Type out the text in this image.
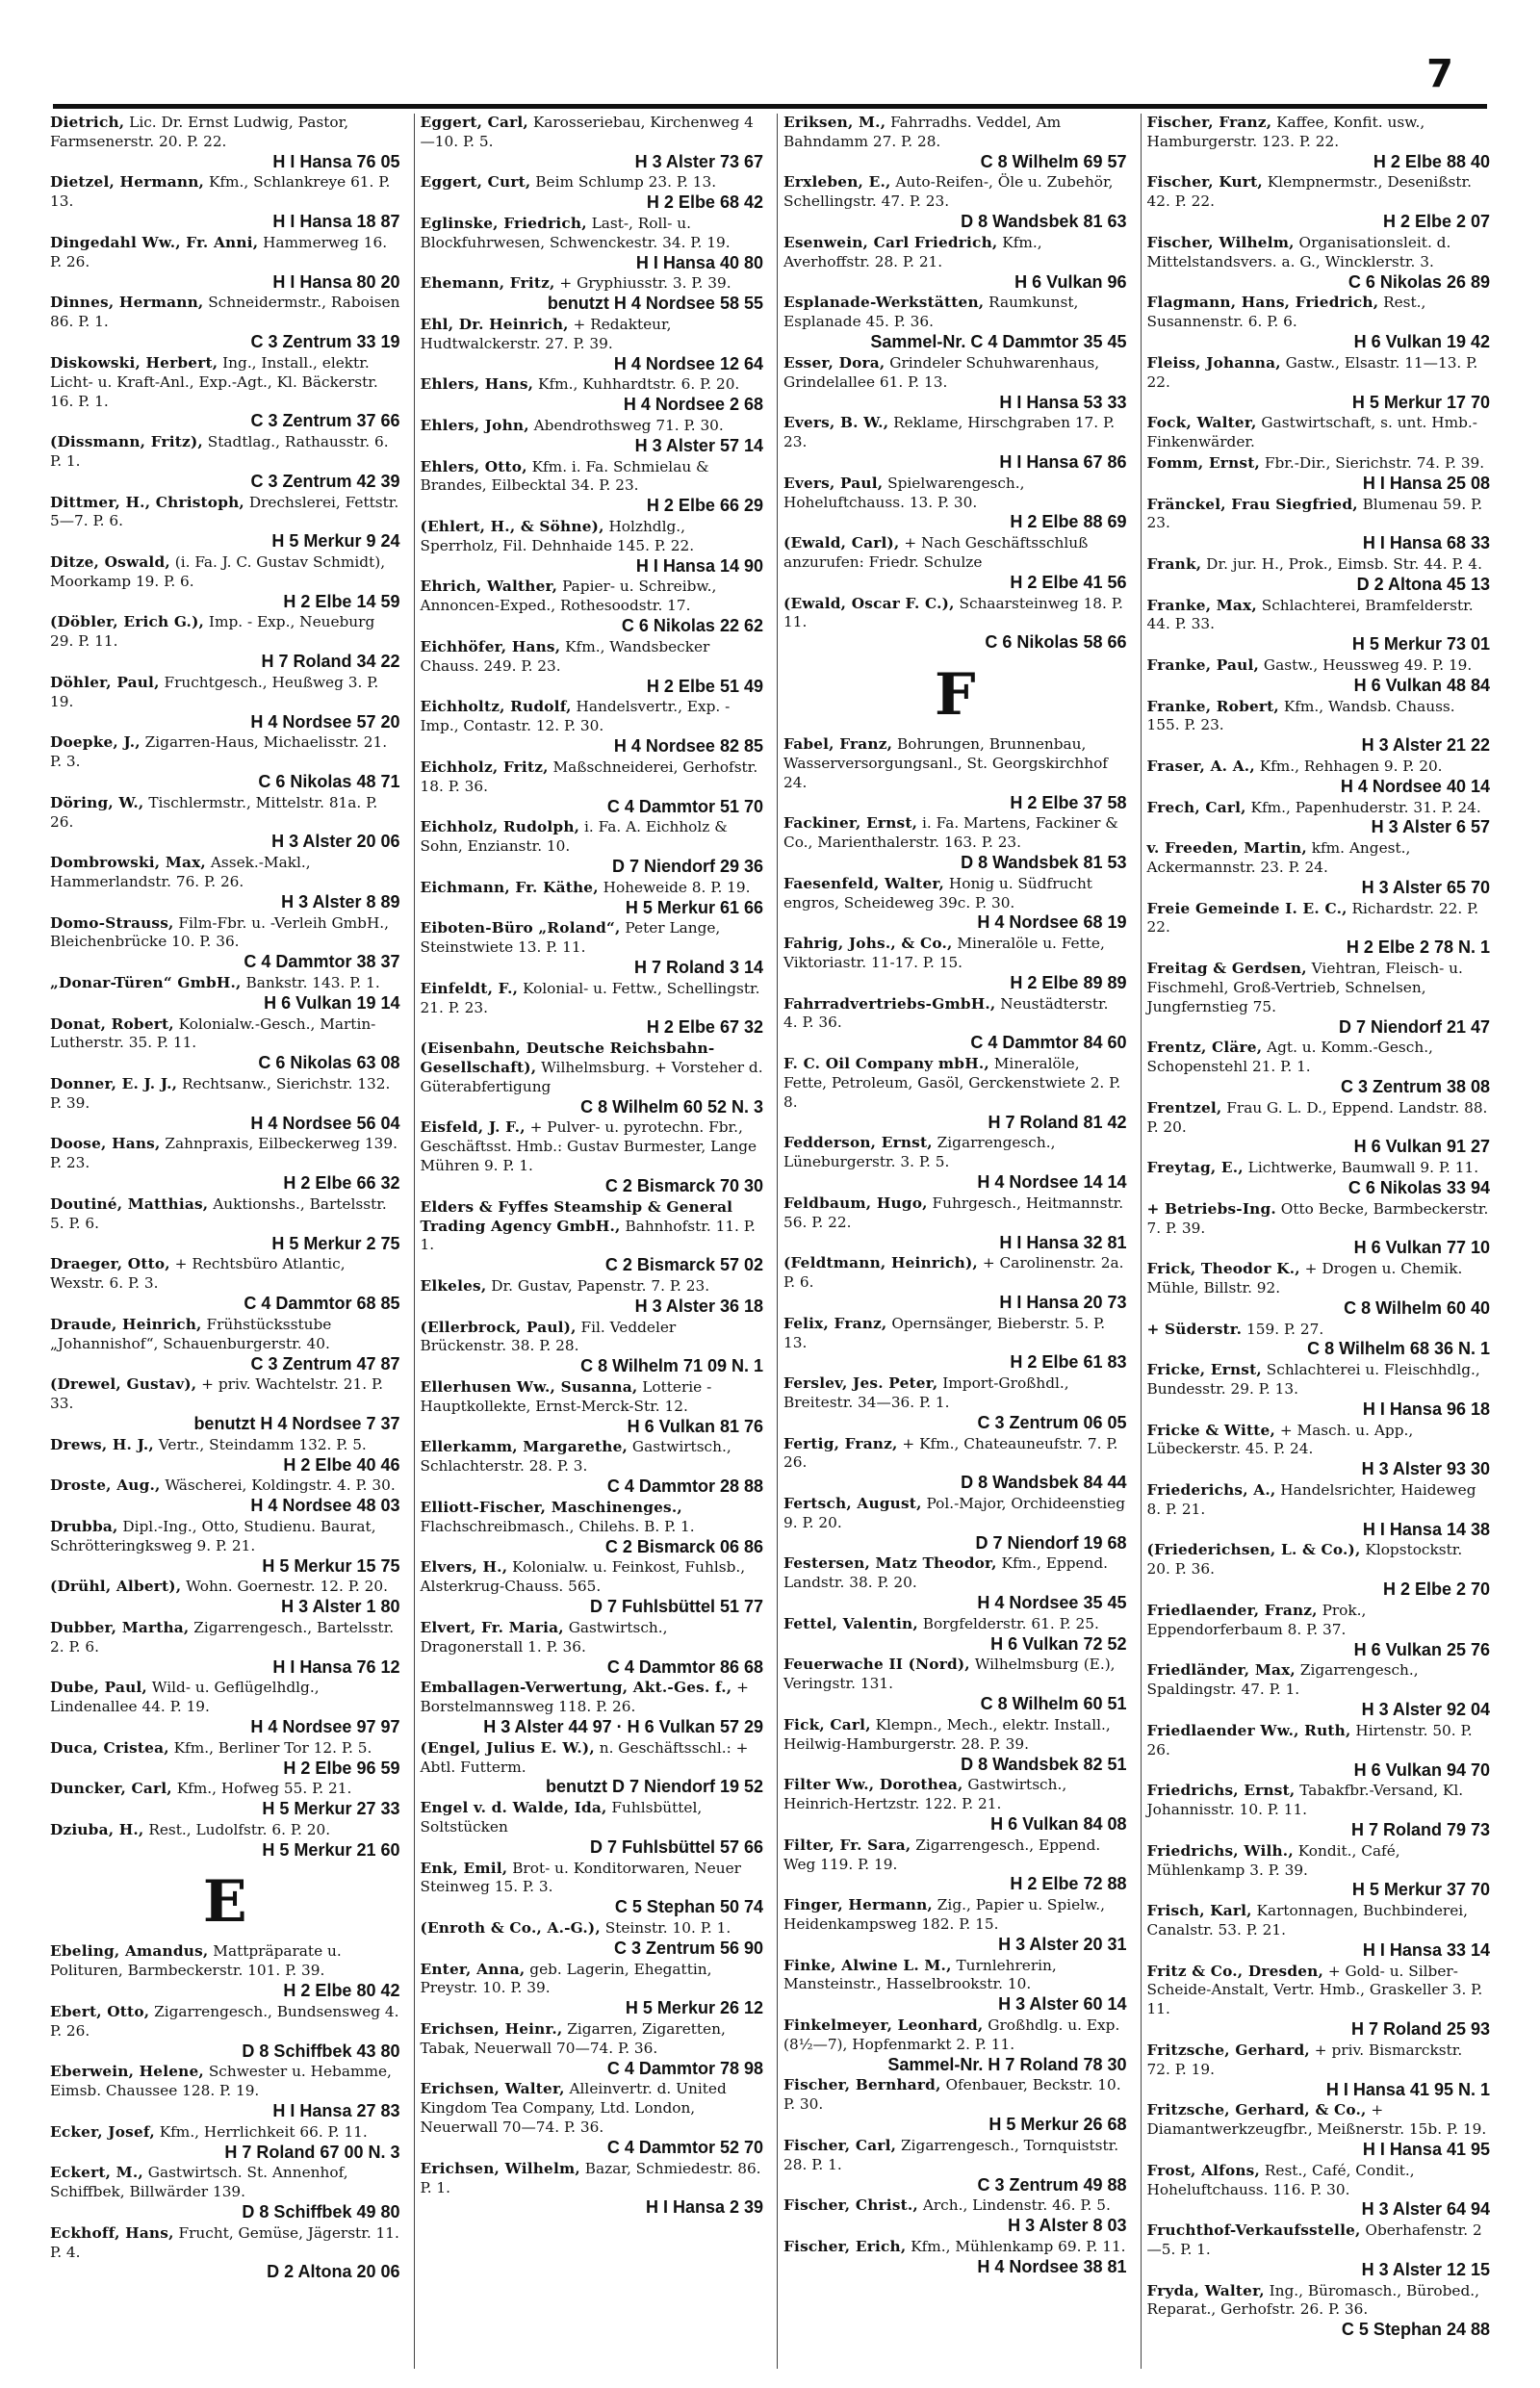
7
Dietrich, Lic. Dr. Ernst Ludwig, Pastor, Farmsenerstr. 20. P. 22.
H I Hansa 76 05
Dietzel, Hermann, Kfm., Schlankreye 61. P. 13.
H I Hansa 18 87
Dingedahl Ww., Fr. Anni, Hammerweg 16. P. 26.
H I Hansa 80 20
Dinnes, Hermann, Schneidermstr., Raboisen 86. P. 1.
C 3 Zentrum 33 19
Diskowski, Herbert, Ing., Install., elektr. Licht- u. Kraft-Anl., Exp.-Agt., Kl. Bäckerstr. 16. P. 1.
C 3 Zentrum 37 66
(Dissmann, Fritz), Stadtlag., Rathausstr. 6. P. 1.
C 3 Zentrum 42 39
Dittmer, H., Christoph, Drechslerei, Fettstr. 5—7. P. 6.
H 5 Merkur 9 24
Ditze, Oswald, (i. Fa. J. C. Gustav Schmidt), Moorkamp 19. P. 6.
H 2 Elbe 14 59
(Döbler, Erich G.), Imp. - Exp., Neueburg 29. P. 11.
H 7 Roland 34 22
Döhler, Paul, Fruchtgesch., Heußweg 3. P. 19.
H 4 Nordsee 57 20
Doepke, J., Zigarren-Haus, Michaelisstr. 21. P. 3.
C 6 Nikolas 48 71
Döring, W., Tischlermstr., Mittelstr. 81a. P. 26.
H 3 Alster 20 06
Dombrowski, Max, Assek.-Makl., Hammerlandstr. 76. P. 26.
H 3 Alster 8 89
Domo-Strauss, Film-Fbr. u. -Verleih GmbH., Bleichenbrücke 10. P. 36.
C 4 Dammtor 38 37
„Donar-Türen“ GmbH., Bankstr. 143. P. 1.
H 6 Vulkan 19 14
Donat, Robert, Kolonialw.-Gesch., Martin-Lutherstr. 35. P. 11.
C 6 Nikolas 63 08
Donner, E. J. J., Rechtsanw., Sierichstr. 132. P. 39.
H 4 Nordsee 56 04
Doose, Hans, Zahnpraxis, Eilbeckerweg 139. P. 23.
H 2 Elbe 66 32
Doutiné, Matthias, Auktionshs., Bartelsstr. 5. P. 6.
H 5 Merkur 2 75
Draeger, Otto, + Rechtsbüro Atlantic, Wexstr. 6. P. 3.
C 4 Dammtor 68 85
Draude, Heinrich, Frühstücksstube „Johannishof“, Schauenburgerstr. 40.
C 3 Zentrum 47 87
(Drewel, Gustav), + priv. Wachtelstr. 21. P. 33.
benutzt H 4 Nordsee 7 37
Drews, H. J., Vertr., Steindamm 132. P. 5.
H 2 Elbe 40 46
Droste, Aug., Wäscherei, Koldingstr. 4. P. 30.
H 4 Nordsee 48 03
Drubba, Dipl.-Ing., Otto, Studienu. Baurat, Schrötteringksweg 9. P. 21.
H 5 Merkur 15 75
(Drühl, Albert), Wohn. Goernestr. 12. P. 20.
H 3 Alster 1 80
Dubber, Martha, Zigarrengesch., Bartelsstr. 2. P. 6.
H I Hansa 76 12
Dube, Paul, Wild- u. Geflügelhdlg., Lindenallee 44. P. 19.
H 4 Nordsee 97 97
Duca, Cristea, Kfm., Berliner Tor 12. P. 5.
H 2 Elbe 96 59
Duncker, Carl, Kfm., Hofweg 55. P. 21.
H 5 Merkur 27 33
Dziuba, H., Rest., Ludolfstr. 6. P. 20.
H 5 Merkur 21 60
E
Ebeling, Amandus, Mattpräparate u. Polituren, Barmbeckerstr. 101. P. 39.
H 2 Elbe 80 42
Ebert, Otto, Zigarrengesch., Bundsensweg 4. P. 26.
D 8 Schiffbek 43 80
Eberwein, Helene, Schwester u. Hebamme, Eimsb. Chaussee 128. P. 19.
H I Hansa 27 83
Ecker, Josef, Kfm., Herrlichkeit 66. P. 11.
H 7 Roland 67 00 N. 3
Eckert, M., Gastwirtsch. St. Annenhof, Schiffbek, Billwärder 139.
D 8 Schiffbek 49 80
Eckhoff, Hans, Frucht, Gemüse, Jägerstr. 11. P. 4.
D 2 Altona 20 06
Eggert, Carl, Karosseriebau, Kirchenweg 4—10. P. 5.
H 3 Alster 73 67
Eggert, Curt, Beim Schlump 23. P. 13.
H 2 Elbe 68 42
Eglinske, Friedrich, Last-, Roll- u. Blockfuhrwesen, Schwenckestr. 34. P. 19.
H I Hansa 40 80
Ehemann, Fritz, + Gryphiusstr. 3. P. 39.
benutzt H 4 Nordsee 58 55
Ehl, Dr. Heinrich, + Redakteur, Hudtwalckerstr. 27. P. 39.
H 4 Nordsee 12 64
Ehlers, Hans, Kfm., Kuhhardtstr. 6. P. 20.
H 4 Nordsee 2 68
Ehlers, John, Abendrothsweg 71. P. 30.
H 3 Alster 57 14
Ehlers, Otto, Kfm. i. Fa. Schmielau & Brandes, Eilbecktal 34. P. 23.
H 2 Elbe 66 29
(Ehlert, H., & Söhne), Holzhdlg., Sperrholz, Fil. Dehnhaide 145. P. 22.
H I Hansa 14 90
Ehrich, Walther, Papier- u. Schreibw., Annoncen-Exped., Rothesoodstr. 17.
C 6 Nikolas 22 62
Eichhöfer, Hans, Kfm., Wandsbecker Chauss. 249. P. 23.
H 2 Elbe 51 49
Eichholtz, Rudolf, Handelsvertr., Exp. - Imp., Contastr. 12. P. 30.
H 4 Nordsee 82 85
Eichholz, Fritz, Maßschneiderei, Gerhofstr. 18. P. 36.
C 4 Dammtor 51 70
Eichholz, Rudolph, i. Fa. A. Eichholz & Sohn, Enzianstr. 10.
D 7 Niendorf 29 36
Eichmann, Fr. Käthe, Hoheweide 8. P. 19.
H 5 Merkur 61 66
Eiboten-Büro „Roland“, Peter Lange, Steinstwiete 13. P. 11.
H 7 Roland 3 14
Einfeldt, F., Kolonial- u. Fettw., Schellingstr. 21. P. 23.
H 2 Elbe 67 32
(Eisenbahn, Deutsche Reichsbahn-Gesellschaft), Wilhelmsburg. + Vorsteher d. Güterabfertigung
C 8 Wilhelm 60 52 N. 3
Eisfeld, J. F., + Pulver- u. pyrotechn. Fbr., Geschäftsst. Hmb.: Gustav Burmester, Lange Mühren 9. P. 1.
C 2 Bismarck 70 30
Elders & Fyffes Steamship & General Trading Agency GmbH., Bahnhofstr. 11. P. 1.
C 2 Bismarck 57 02
Elkeles, Dr. Gustav, Papenstr. 7. P. 23.
H 3 Alster 36 18
(Ellerbrock, Paul), Fil. Veddeler Brückenstr. 38. P. 28.
C 8 Wilhelm 71 09 N. 1
Ellerhusen Ww., Susanna, Lotterie - Hauptkollekte, Ernst-Merck-Str. 12.
H 6 Vulkan 81 76
Ellerkamm, Margarethe, Gastwirtsch., Schlachterstr. 28. P. 3.
C 4 Dammtor 28 88
Elliott-Fischer, Maschinenges., Flachschreibmasch., Chilehs. B. P. 1.
C 2 Bismarck 06 86
Elvers, H., Kolonialw. u. Feinkost, Fuhlsb., Alsterkrug-Chauss. 565.
D 7 Fuhlsbüttel 51 77
Elvert, Fr. Maria, Gastwirtsch., Dragonerstall 1. P. 36.
C 4 Dammtor 86 68
Emballagen-Verwertung, Akt.-Ges. f., + Borstelmannsweg 118. P. 26.
H 3 Alster 44 97 · H 6 Vulkan 57 29
(Engel, Julius E. W.), n. Geschäftsschl.: + Abtl. Futterm.
benutzt D 7 Niendorf 19 52
Engel v. d. Walde, Ida, Fuhlsbüttel, Soltstücken
D 7 Fuhlsbüttel 57 66
Enk, Emil, Brot- u. Konditorwaren, Neuer Steinweg 15. P. 3.
C 5 Stephan 50 74
(Enroth & Co., A.-G.), Steinstr. 10. P. 1.
C 3 Zentrum 56 90
Enter, Anna, geb. Lagerin, Ehegattin, Preystr. 10. P. 39.
H 5 Merkur 26 12
Erichsen, Heinr., Zigarren, Zigaretten, Tabak, Neuerwall 70—74. P. 36.
C 4 Dammtor 78 98
Erichsen, Walter, Alleinvertr. d. United Kingdom Tea Company, Ltd. London, Neuerwall 70—74. P. 36.
C 4 Dammtor 52 70
Erichsen, Wilhelm, Bazar, Schmiedestr. 86. P. 1.
H I Hansa 2 39
Eriksen, M., Fahrradhs. Veddel, Am Bahndamm 27. P. 28.
C 8 Wilhelm 69 57
Erxleben, E., Auto-Reifen-, Öle u. Zubehör, Schellingstr. 47. P. 23.
D 8 Wandsbek 81 63
Esenwein, Carl Friedrich, Kfm., Averhoffstr. 28. P. 21.
H 6 Vulkan 96
Esplanade-Werkstätten, Raumkunst, Esplanade 45. P. 36.
Sammel-Nr. C 4 Dammtor 35 45
Esser, Dora, Grindeler Schuhwarenhaus, Grindelallee 61. P. 13.
H I Hansa 53 33
Evers, B. W., Reklame, Hirschgraben 17. P. 23.
H I Hansa 67 86
Evers, Paul, Spielwarengesch., Hoheluftchauss. 13. P. 30.
H 2 Elbe 88 69
(Ewald, Carl), + Nach Geschäftsschluß anzurufen: Friedr. Schulze
H 2 Elbe 41 56
(Ewald, Oscar F. C.), Schaarsteinweg 18. P. 11.
C 6 Nikolas 58 66
F
Fabel, Franz, Bohrungen, Brunnenbau, Wasserversorgungsanl., St. Georgskirchhof 24.
H 2 Elbe 37 58
Fackiner, Ernst, i. Fa. Martens, Fackiner & Co., Marienthalerstr. 163. P. 23.
D 8 Wandsbek 81 53
Faesenfeld, Walter, Honig u. Südfrucht engros, Scheideweg 39c. P. 30.
H 4 Nordsee 68 19
Fahrig, Johs., & Co., Mineralöle u. Fette, Viktoriastr. 11-17. P. 15.
H 2 Elbe 89 89
Fahrradvertriebs-GmbH., Neustädterstr. 4. P. 36.
C 4 Dammtor 84 60
F. C. Oil Company mbH., Mineralöle, Fette, Petroleum, Gasöl, Gerckenstwiete 2. P. 8.
H 7 Roland 81 42
Fedderson, Ernst, Zigarrengesch., Lüneburgerstr. 3. P. 5.
H 4 Nordsee 14 14
Feldbaum, Hugo, Fuhrgesch., Heitmannstr. 56. P. 22.
H I Hansa 32 81
(Feldtmann, Heinrich), + Carolinenstr. 2a. P. 6.
H I Hansa 20 73
Felix, Franz, Opernsänger, Bieberstr. 5. P. 13.
H 2 Elbe 61 83
Ferslev, Jes. Peter, Import-Großhdl., Breitestr. 34—36. P. 1.
C 3 Zentrum 06 05
Fertig, Franz, + Kfm., Chateauneufstr. 7. P. 26.
D 8 Wandsbek 84 44
Fertsch, August, Pol.-Major, Orchideenstieg 9. P. 20.
D 7 Niendorf 19 68
Festersen, Matz Theodor, Kfm., Eppend. Landstr. 38. P. 20.
H 4 Nordsee 35 45
Fettel, Valentin, Borgfelderstr. 61. P. 25.
H 6 Vulkan 72 52
Feuerwache II (Nord), Wilhelmsburg (E.), Veringstr. 131.
C 8 Wilhelm 60 51
Fick, Carl, Klempn., Mech., elektr. Install., Heilwig-Hamburgerstr. 28. P. 39.
D 8 Wandsbek 82 51
Filter Ww., Dorothea, Gastwirtsch., Heinrich-Hertzstr. 122. P. 21.
H 6 Vulkan 84 08
Filter, Fr. Sara, Zigarrengesch., Eppend. Weg 119. P. 19.
H 2 Elbe 72 88
Finger, Hermann, Zig., Papier u. Spielw., Heidenkampsweg 182. P. 15.
H 3 Alster 20 31
Finke, Alwine L. M., Turnlehrerin, Mansteinstr., Hasselbrookstr. 10.
H 3 Alster 60 14
Finkelmeyer, Leonhard, Großhdlg. u. Exp. (8½—7), Hopfenmarkt 2. P. 11.
Sammel-Nr. H 7 Roland 78 30
Fischer, Bernhard, Ofenbauer, Beckstr. 10. P. 30.
H 5 Merkur 26 68
Fischer, Carl, Zigarrengesch., Tornquiststr. 28. P. 1.
C 3 Zentrum 49 88
Fischer, Christ., Arch., Lindenstr. 46. P. 5.
H 3 Alster 8 03
Fischer, Erich, Kfm., Mühlenkamp 69. P. 11.
H 4 Nordsee 38 81
Fischer, Franz, Kaffee, Konfit. usw., Hamburgerstr. 123. P. 22.
H 2 Elbe 88 40
Fischer, Kurt, Klempnermstr., Desenißstr. 42. P. 22.
H 2 Elbe 2 07
Fischer, Wilhelm, Organisationsleit. d. Mittelstandsvers. a. G., Wincklerstr. 3.
C 6 Nikolas 26 89
Flagmann, Hans, Friedrich, Rest., Susannenstr. 6. P. 6.
H 6 Vulkan 19 42
Fleiss, Johanna, Gastw., Elsastr. 11—13. P. 22.
H 5 Merkur 17 70
Fock, Walter, Gastwirtschaft, s. unt. Hmb.-Finkenwärder.
Fomm, Ernst, Fbr.-Dir., Sierichstr. 74. P. 39.
H I Hansa 25 08
Fränckel, Frau Siegfried, Blumenau 59. P. 23.
H I Hansa 68 33
Frank, Dr. jur. H., Prok., Eimsb. Str. 44. P. 4.
D 2 Altona 45 13
Franke, Max, Schlachterei, Bramfelderstr. 44. P. 33.
H 5 Merkur 73 01
Franke, Paul, Gastw., Heussweg 49. P. 19.
H 6 Vulkan 48 84
Franke, Robert, Kfm., Wandsb. Chauss. 155. P. 23.
H 3 Alster 21 22
Fraser, A. A., Kfm., Rehhagen 9. P. 20.
H 4 Nordsee 40 14
Frech, Carl, Kfm., Papenhuderstr. 31. P. 24.
H 3 Alster 6 57
v. Freeden, Martin, kfm. Angest., Ackermannstr. 23. P. 24.
H 3 Alster 65 70
Freie Gemeinde I. E. C., Richardstr. 22. P. 22.
H 2 Elbe 2 78 N. 1
Freitag & Gerdsen, Viehtran, Fleisch- u. Fischmehl, Groß-Vertrieb, Schnelsen, Jungfernstieg 75.
D 7 Niendorf 21 47
Frentz, Cläre, Agt. u. Komm.-Gesch., Schopenstehl 21. P. 1.
C 3 Zentrum 38 08
Frentzel, Frau G. L. D., Eppend. Landstr. 88. P. 20.
H 6 Vulkan 91 27
Freytag, E., Lichtwerke, Baumwall 9. P. 11.
C 6 Nikolas 33 94
+ Betriebs-Ing. Otto Becke, Barmbeckerstr. 7. P. 39.
H 6 Vulkan 77 10
Frick, Theodor K., + Drogen u. Chemik. Mühle, Billstr. 92.
C 8 Wilhelm 60 40
+ Süderstr. 159. P. 27.
C 8 Wilhelm 68 36 N. 1
Fricke, Ernst, Schlachterei u. Fleischhdlg., Bundesstr. 29. P. 13.
H I Hansa 96 18
Fricke & Witte, + Masch. u. App., Lübeckerstr. 45. P. 24.
H 3 Alster 93 30
Friederichs, A., Handelsrichter, Haideweg 8. P. 21.
H I Hansa 14 38
(Friederichsen, L. & Co.), Klopstockstr. 20. P. 36.
H 2 Elbe 2 70
Friedlaender, Franz, Prok., Eppendorferbaum 8. P. 37.
H 6 Vulkan 25 76
Friedländer, Max, Zigarrengesch., Spaldingstr. 47. P. 1.
H 3 Alster 92 04
Friedlaender Ww., Ruth, Hirtenstr. 50. P. 26.
H 6 Vulkan 94 70
Friedrichs, Ernst, Tabakfbr.-Versand, Kl. Johannisstr. 10. P. 11.
H 7 Roland 79 73
Friedrichs, Wilh., Kondit., Café, Mühlenkamp 3. P. 39.
H 5 Merkur 37 70
Frisch, Karl, Kartonnagen, Buchbinderei, Canalstr. 53. P. 21.
H I Hansa 33 14
Fritz & Co., Dresden, + Gold- u. Silber-Scheide-Anstalt, Vertr. Hmb., Graskeller 3. P. 11.
H 7 Roland 25 93
Fritzsche, Gerhard, + priv. Bismarckstr. 72. P. 19.
H I Hansa 41 95 N. 1
Fritzsche, Gerhard, & Co., + Diamantwerkzeugfbr., Meißnerstr. 15b. P. 19.
H I Hansa 41 95
Frost, Alfons, Rest., Café, Condit., Hoheluftchauss. 116. P. 30.
H 3 Alster 64 94
Fruchthof-Verkaufsstelle, Oberhafenstr. 2—5. P. 1.
H 3 Alster 12 15
Fryda, Walter, Ing., Büromasch., Bürobed., Reparat., Gerhofstr. 26. P. 36.
C 5 Stephan 24 88
